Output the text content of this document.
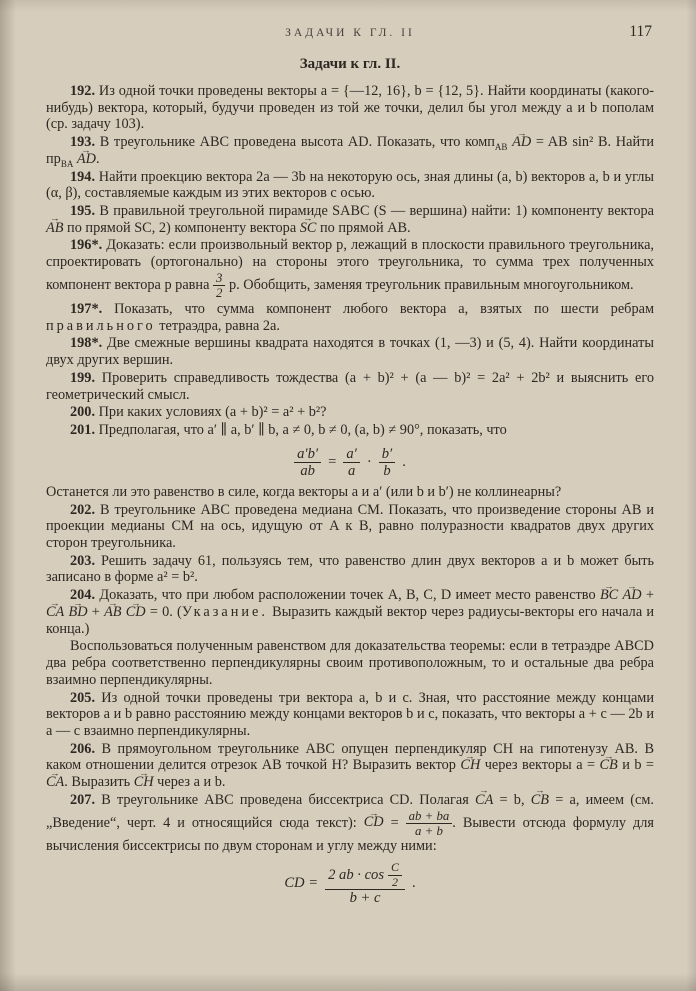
ЗАДАЧИ К ГЛ. II	117
Задачи к гл. II.

192. Из одной точки проведены векторы a = {—12, 16}, b = {12, 5}. Найти координаты (какого-нибудь) вектора, который, будучи проведен из той же точки, делил бы угол между a и b пополам (ср. задачу 103).

193. В треугольнике ABC проведена высота AD. Показать, что комп$_{AB}$ AD → = AB sin² B. Найти $пр_{BA}$ AD →.

194. Найти проекцию вектора 2a — 3b на некоторую ось, зная длины (a, b) векторов a, b и углы (α, β), составляемые каждым из этих векторов с осью.

195. В правильной треугольной пирамиде SABC (S — вершина) найти: 1) компоненту вектора AB → по прямой SC, 2) компоненту вектора SC → по прямой AB.

196*. Доказать: если произвольный вектор p, лежащий в плоскости правильного треугольника, спроектировать (ортогонально) на стороны этого треугольника, то сумма трех полученных компонент вектора p равна $\frac{3}{2} p$. Обобщить, заменяя треугольник правильным многоугольником.

197*. Показать, что сумма компонент любого вектора a, взятых по шести ребрам правильного тетраэдра, равна 2a.

198*. Две смежные вершины квадрата находятся в точках (1, —3) и (5, 4). Найти координаты двух других вершин.

199. Проверить справедливость тождества (a + b)² + (a — b)² = 2a² + 2b² и выяснить его геометрический смысл.

200. При каких условиях (a + b)² = a² + b²?

201. Предполагая, что a′ ∥ a, b′ ∥ b, a ≠ 0, b ≠ 0, (a, b) ≠ 90°, показать, что

$\frac{a'b'}{ab} = \frac{a'}{a} \cdot \frac{b'}{b}$ .

Останется ли это равенство в силе, когда векторы a и a′ (или b и b′) не коллинеарны?

202. В треугольнике ABC проведена медиана CM. Показать, что произведение стороны AB и проекции медианы CM на ось, идущую от A к B, равно полуразности квадратов двух других сторон треугольника.

203. Решить задачу 61, пользуясь тем, что равенство длин двух векторов a и b может быть записано в форме a² = b².

204. Доказать, что при любом расположении точек A, B, C, D имеет место равенство BC → AD → + CA → BD → + AB → CD → = 0. (Указание. Выразить каждый вектор через радиусы-векторы его начала и конца.)

Воспользоваться полученным равенством для доказательства теоремы: если в тетраэдре ABCD два ребра соответственно перпендикулярны своим противоположным, то и остальные два ребра взаимно перпендикулярны.

205. Из одной точки проведены три вектора a, b и c. Зная, что расстояние между концами векторов a и b равно расстоянию между концами векторов b и c, показать, что векторы a + c — 2b и a — c взаимно перпендикулярны.

206. В прямоугольном треугольнике ABC опущен перпендикуляр CH на гипотенузу AB. В каком отношении делится отрезок AB точкой H? Выразить вектор CH → через векторы a = CB → и b = CA →. Выразить CH → через a и b.

207. В треугольнике ABC проведена биссектриса CD. Полагая CA → = b, CB → = a, имеем (см. „Введение“, черт. 4 и относящийся сюда текст): CD → = $\frac{ab + ba}{a + b}$ . Вывести отсюда формулу для вычисления биссектрисы по двум сторонам и углу между ними:

CD = $\frac{2 ab \cdot \cos \frac{C}{2}}{b + c}$ .
